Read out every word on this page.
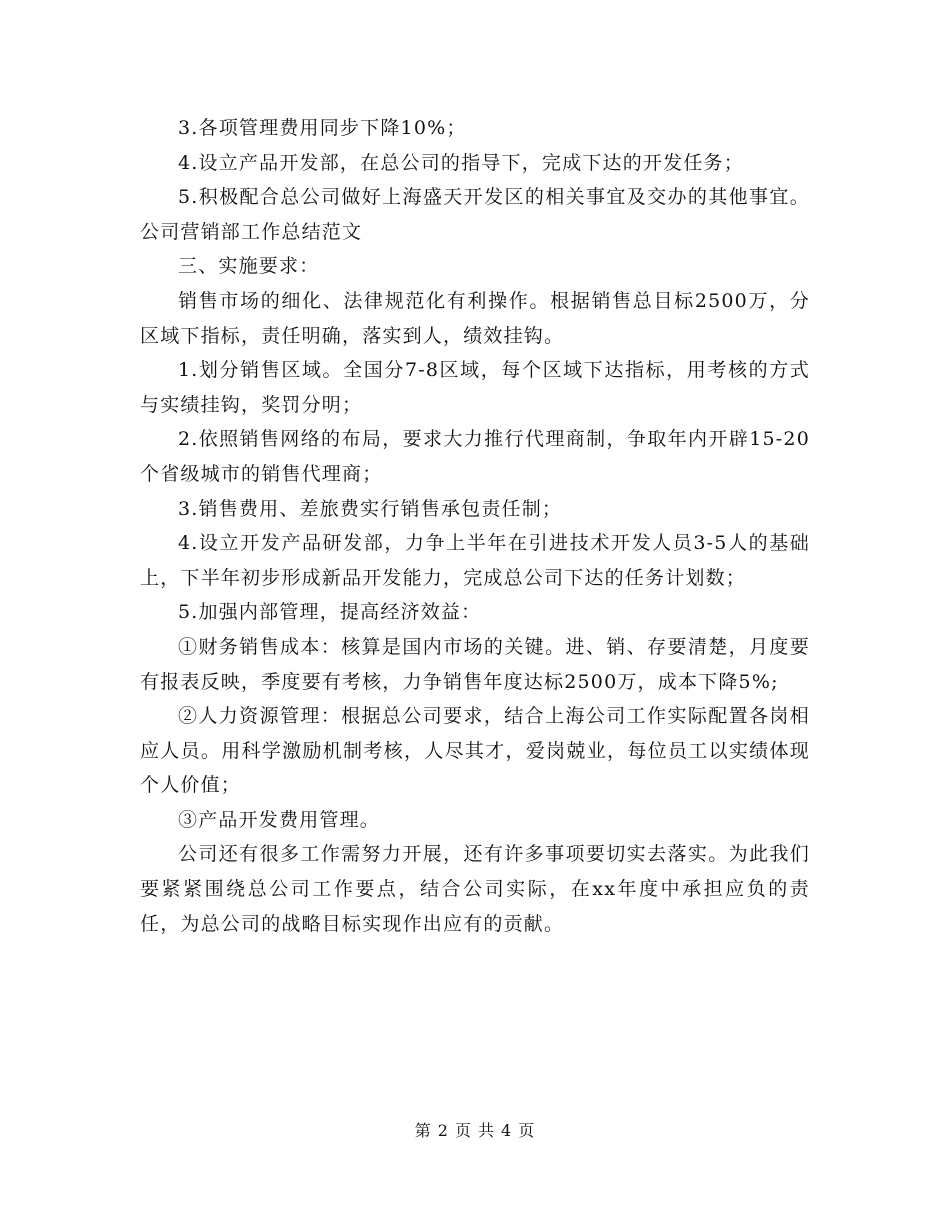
3.各项管理费用同步下降10%；

4.设立产品开发部，在总公司的指导下，完成下达的开发任务；

5.积极配合总公司做好上海盛天开发区的相关事宜及交办的其他事宜。公司营销部工作总结范文

三、实施要求：

销售市场的细化、法律规范化有利操作。根据销售总目标2500万，分区域下指标，责任明确，落实到人，绩效挂钩。

1.划分销售区域。全国分7-8区域，每个区域下达指标，用考核的方式与实绩挂钩，奖罚分明；

2.依照销售网络的布局，要求大力推行代理商制，争取年内开辟15-20个省级城市的销售代理商；

3.销售费用、差旅费实行销售承包责任制；

4.设立开发产品研发部，力争上半年在引进技术开发人员3-5人的基础上，下半年初步形成新品开发能力，完成总公司下达的任务计划数；

5.加强内部管理，提高经济效益：

①财务销售成本：核算是国内市场的关键。进、销、存要清楚，月度要有报表反映，季度要有考核，力争销售年度达标2500万，成本下降5%;

②人力资源管理：根据总公司要求，结合上海公司工作实际配置各岗相应人员。用科学激励机制考核，人尽其才，爱岗兢业，每位员工以实绩体现个人价值；

③产品开发费用管理。

公司还有很多工作需努力开展，还有许多事项要切实去落实。为此我们要紧紧围绕总公司工作要点，结合公司实际，在xx年度中承担应负的责任，为总公司的战略目标实现作出应有的贡献。

第 2 页 共 4 页
